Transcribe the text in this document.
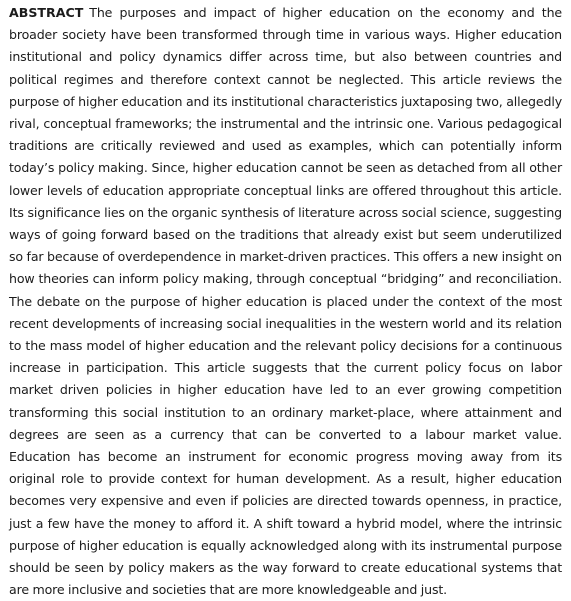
ABSTRACT The purposes and impact of higher education on the economy and the broader society have been transformed through time in various ways. Higher education institutional and policy dynamics differ across time, but also between countries and political regimes and therefore context cannot be neglected. This article reviews the purpose of higher education and its institutional characteristics juxtaposing two, allegedly rival, conceptual frameworks; the instrumental and the intrinsic one. Various pedagogical traditions are critically reviewed and used as examples, which can potentially inform today’s policy making. Since, higher education cannot be seen as detached from all other lower levels of education appropriate conceptual links are offered throughout this article. Its significance lies on the organic synthesis of literature across social science, suggesting ways of going forward based on the traditions that already exist but seem underutilized so far because of overdependence in market-driven practices. This offers a new insight on how theories can inform policy making, through conceptual “bridging” and reconciliation. The debate on the purpose of higher education is placed under the context of the most recent developments of increasing social inequalities in the western world and its relation to the mass model of higher education and the relevant policy decisions for a continuous increase in participation. This article suggests that the current policy focus on labor market driven policies in higher education have led to an ever growing competition transforming this social institution to an ordinary market-place, where attainment and degrees are seen as a currency that can be converted to a labour market value. Education has become an instrument for economic progress moving away from its original role to provide context for human development. As a result, higher education becomes very expensive and even if policies are directed towards openness, in practice, just a few have the money to afford it. A shift toward a hybrid model, where the intrinsic purpose of higher education is equally acknowledged along with its instrumental purpose should be seen by policy makers as the way forward to create educational systems that are more inclusive and societies that are more knowledgeable and just.
